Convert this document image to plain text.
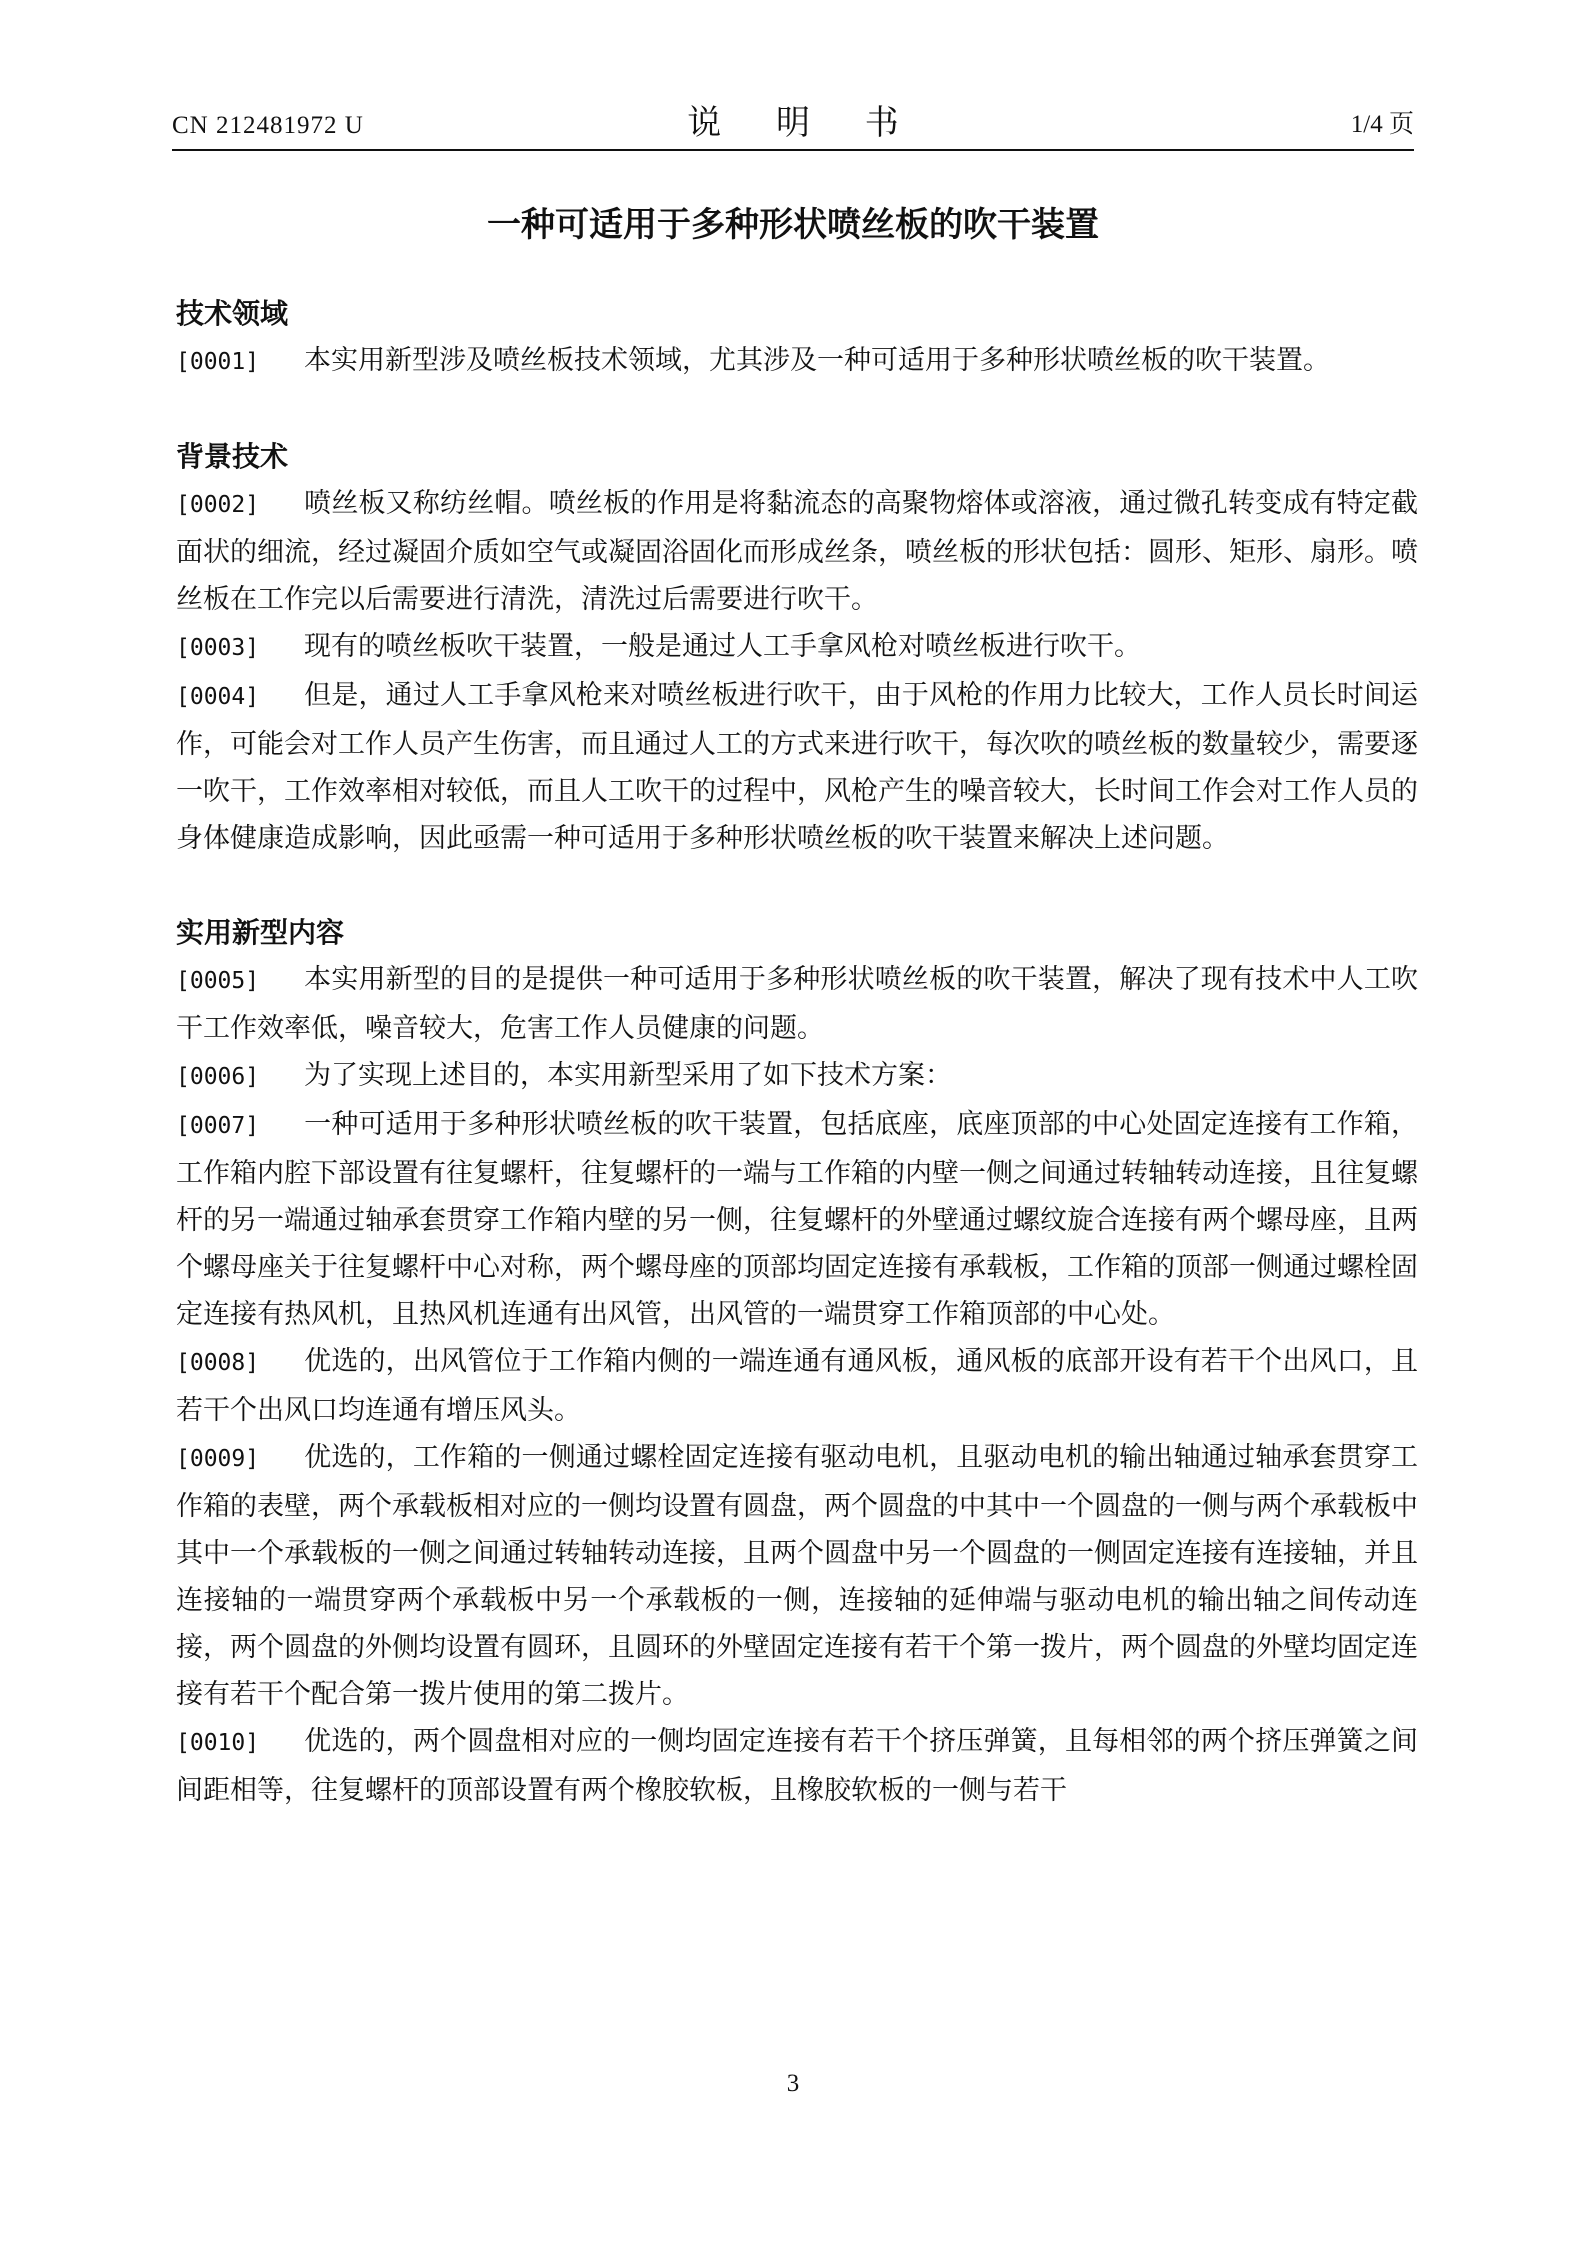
CN 212481972 U	说 明 书	1/4 页
一种可适用于多种形状喷丝板的吹干装置
技术领域
[0001] 本实用新型涉及喷丝板技术领域，尤其涉及一种可适用于多种形状喷丝板的吹干装置。
背景技术
[0002] 喷丝板又称纺丝帽。喷丝板的作用是将黏流态的高聚物熔体或溶液，通过微孔转变成有特定截面状的细流，经过凝固介质如空气或凝固浴固化而形成丝条，喷丝板的形状包括：圆形、矩形、扇形。喷丝板在工作完以后需要进行清洗，清洗过后需要进行吹干。
[0003] 现有的喷丝板吹干装置，一般是通过人工手拿风枪对喷丝板进行吹干。
[0004] 但是，通过人工手拿风枪来对喷丝板进行吹干，由于风枪的作用力比较大，工作人员长时间运作，可能会对工作人员产生伤害，而且通过人工的方式来进行吹干，每次吹的喷丝板的数量较少，需要逐一吹干，工作效率相对较低，而且人工吹干的过程中，风枪产生的噪音较大，长时间工作会对工作人员的身体健康造成影响，因此亟需一种可适用于多种形状喷丝板的吹干装置来解决上述问题。
实用新型内容
[0005] 本实用新型的目的是提供一种可适用于多种形状喷丝板的吹干装置，解决了现有技术中人工吹干工作效率低，噪音较大，危害工作人员健康的问题。
[0006] 为了实现上述目的，本实用新型采用了如下技术方案：
[0007] 一种可适用于多种形状喷丝板的吹干装置，包括底座，底座顶部的中心处固定连接有工作箱，工作箱内腔下部设置有往复螺杆，往复螺杆的一端与工作箱的内壁一侧之间通过转轴转动连接，且往复螺杆的另一端通过轴承套贯穿工作箱内壁的另一侧，往复螺杆的外壁通过螺纹旋合连接有两个螺母座，且两个螺母座关于往复螺杆中心对称，两个螺母座的顶部均固定连接有承载板，工作箱的顶部一侧通过螺栓固定连接有热风机，且热风机连通有出风管，出风管的一端贯穿工作箱顶部的中心处。
[0008] 优选的，出风管位于工作箱内侧的一端连通有通风板，通风板的底部开设有若干个出风口，且若干个出风口均连通有增压风头。
[0009] 优选的，工作箱的一侧通过螺栓固定连接有驱动电机，且驱动电机的输出轴通过轴承套贯穿工作箱的表壁，两个承载板相对应的一侧均设置有圆盘，两个圆盘的中其中一个圆盘的一侧与两个承载板中其中一个承载板的一侧之间通过转轴转动连接，且两个圆盘中另一个圆盘的一侧固定连接有连接轴，并且连接轴的一端贯穿两个承载板中另一个承载板的一侧，连接轴的延伸端与驱动电机的输出轴之间传动连接，两个圆盘的外侧均设置有圆环，且圆环的外壁固定连接有若干个第一拨片，两个圆盘的外壁均固定连接有若干个配合第一拨片使用的第二拨片。
[0010] 优选的，两个圆盘相对应的一侧均固定连接有若干个挤压弹簧，且每相邻的两个挤压弹簧之间间距相等，往复螺杆的顶部设置有两个橡胶软板，且橡胶软板的一侧与若干
3
